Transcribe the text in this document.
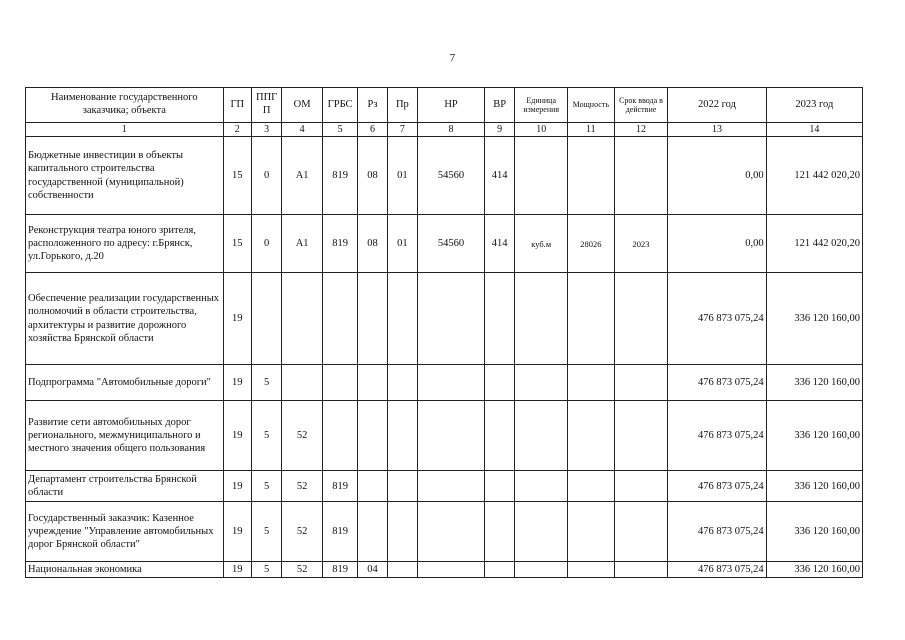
7
Наименование государственного заказчика; объекта	ГП	ППГ П	ОМ	ГРБС	Рз	Пр	НР	ВР	Единица измерения	Мощность	Срок ввода в действие	2022 год	2023 год
1	2	3	4	5	6	7	8	9	10	11	12	13	14
Бюджетные инвестиции в объекты капитального строительства государственной (муниципальной) собственности	15	0	А1	819	08	01	54560	414				0,00	121 442 020,20
Реконструкция театра юного зрителя, расположенного по адресу: г.Брянск, ул.Горького, д.20	15	0	А1	819	08	01	54560	414	куб.м	28026	2023	0,00	121 442 020,20
Обеспечение реализации государственных полномочий в области строительства, архитектуры и развитие дорожного хозяйства Брянской области	19											476 873 075,24	336 120 160,00
Подпрограмма "Автомобильные дороги"	19	5										476 873 075,24	336 120 160,00
Развитие сети автомобильных дорог регионального, межмуниципального и местного значения общего пользования	19	5	52									476 873 075,24	336 120 160,00
Департамент строительства Брянской области	19	5	52	819								476 873 075,24	336 120 160,00
Государственный заказчик: Казенное учреждение "Управление автомобильных дорог Брянской области"	19	5	52	819								476 873 075,24	336 120 160,00
Национальная экономика	19	5	52	819	04							476 873 075,24	336 120 160,00
